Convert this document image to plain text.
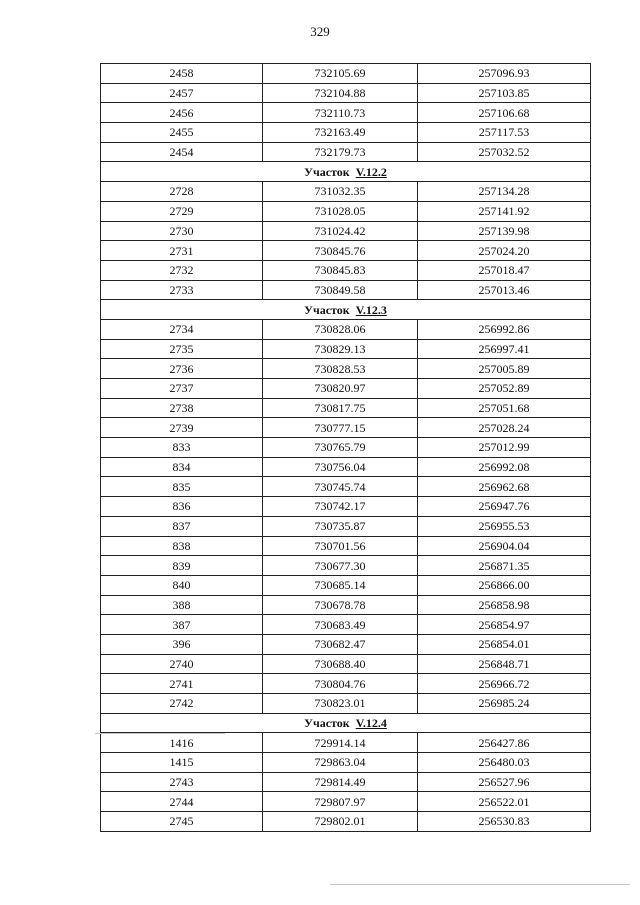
329
2458	732105.69	257096.93
2457	732104.88	257103.85
2456	732110.73	257106.68
2455	732163.49	257117.53
2454	732179.73	257032.52
Участок V.12.2		
2728	731032.35	257134.28
2729	731028.05	257141.92
2730	731024.42	257139.98
2731	730845.76	257024.20
2732	730845.83	257018.47
2733	730849.58	257013.46
Участок V.12.3		
2734	730828.06	256992.86
2735	730829.13	256997.41
2736	730828.53	257005.89
2737	730820.97	257052.89
2738	730817.75	257051.68
2739	730777.15	257028.24
833	730765.79	257012.99
834	730756.04	256992.08
835	730745.74	256962.68
836	730742.17	256947.76
837	730735.87	256955.53
838	730701.56	256904.04
839	730677.30	256871.35
840	730685.14	256866.00
388	730678.78	256858.98
387	730683.49	256854.97
396	730682.47	256854.01
2740	730688.40	256848.71
2741	730804.76	256966.72
2742	730823.01	256985.24
Участок V.12.4		
1416	729914.14	256427.86
1415	729863.04	256480.03
2743	729814.49	256527.96
2744	729807.97	256522.01
2745	729802.01	256530.83
